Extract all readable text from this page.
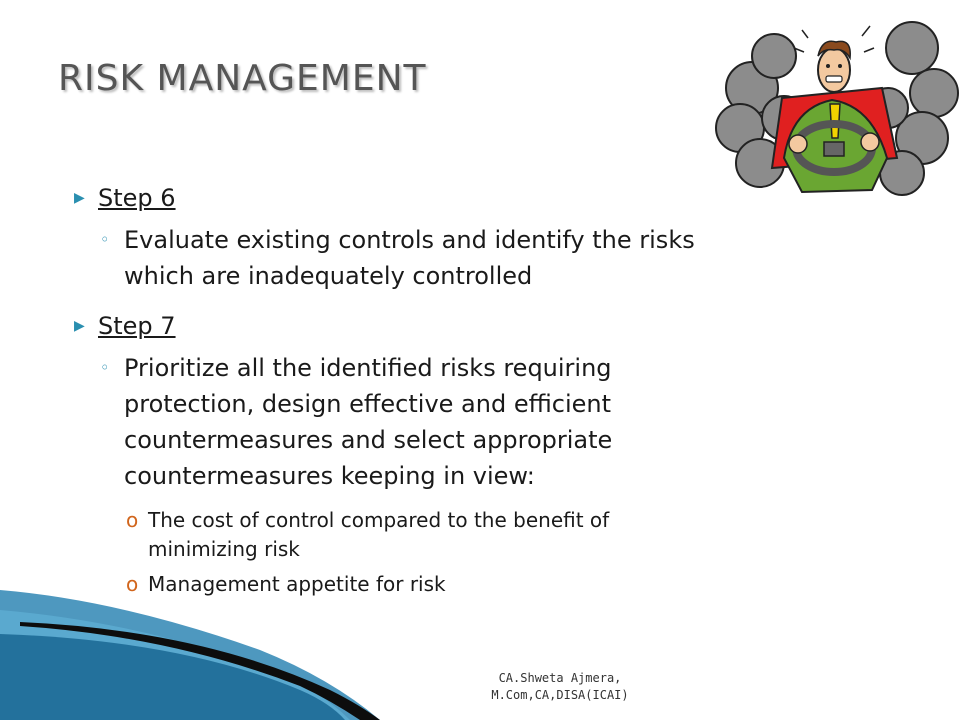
RISK MANAGEMENT
▶ Step 6
◦ Evaluate existing controls and identify the risks
which are inadequately controlled
▶ Step 7
◦ Prioritize all the identified risks requiring
protection, design effective and efficient
countermeasures and select appropriate
countermeasures keeping in view:
o The cost of control compared to the benefit of
minimizing risk
o Management appetite for risk
CA.Shweta Ajmera,
M.Com,CA,DISA(ICAI)
